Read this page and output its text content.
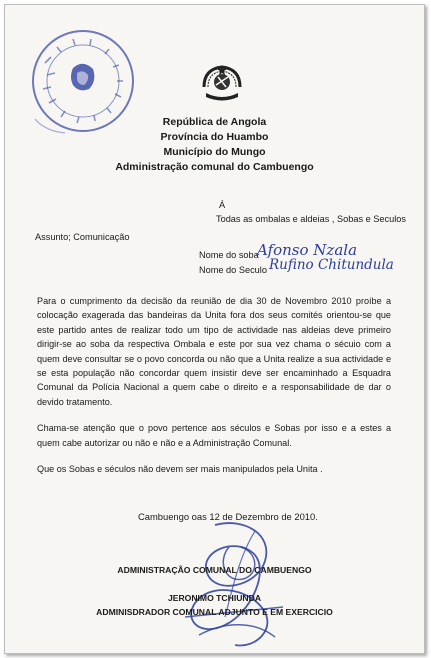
República de Angola
Província do Huambo
Município do Mungo
Administração comunal do Cambuengo
Á
Todas as ombalas e aldeias , Sobas e Seculos
Assunto; Comunicação
Nome do soba
Afonso Nzala
Nome do Seculo Rufino Chitundula

Para o cumprimento da decisão da reunião de dia 30 de Novembro 2010 proíbe a colocação exagerada das bandeiras da Unita fora dos seus comités orientou-se que este partido antes de realizar todo um tipo de actividade nas aldeias deve primeiro dirigir-se ao soba da respectiva Ombala e este por sua vez chama o sécuio com a quem deve consultar se o povo concorda ou não que a Unita realize a sua actividade e se esta população não concordar quem insistir deve ser encaminhado a Esquadra Comunal da Polícia Nacional a quem cabe o direito e a responsabilidade de dar o devido tratamento.

Chama-se atenção que o povo pertence aos séculos e Sobas por isso e a estes a quem cabe autorizar ou não e não e a Administração Comunal.

Que os Sobas e séculos não devem ser mais manipulados pela Unita .

Cambuengo oas 12 de Dezembro de 2010.
ADMINISTRAÇÃO COMUNAL DO CAMBUENGO
JERONIMO TCHIUNDA
ADMINISDRADOR COMUNAL ADJUNTO E EM EXERCICIO
